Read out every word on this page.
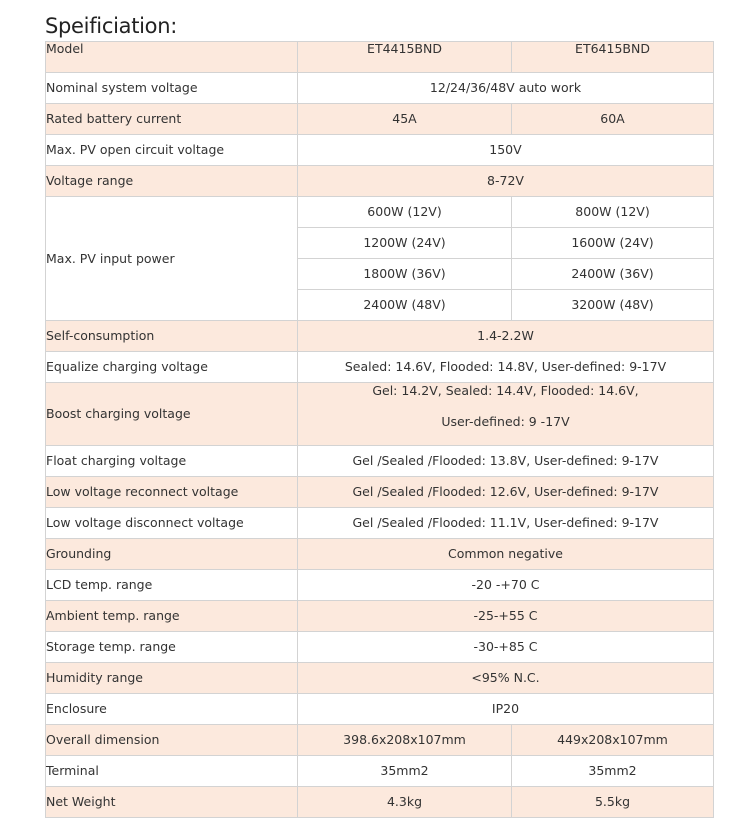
Speificiation:
Model	ET4415BND	ET6415BND
Nominal system voltage	12/24/36/48V auto work	
Rated battery current	45A	60A
Max. PV open circuit voltage	150V	
Voltage range	8-72V	
Max. PV input power	600W (12V)	800W (12V)
	1200W (24V)	1600W (24V)
	1800W (36V)	2400W (36V)
	2400W (48V)	3200W (48V)
Self-consumption	1.4-2.2W	
Equalize charging voltage	Sealed: 14.6V, Flooded: 14.8V, User-defined: 9-17V	
Boost charging voltage	Gel: 14.2V, Sealed: 14.4V, Flooded: 14.6V,
User-defined: 9 -17V	

Float charging voltage	Gel /Sealed /Flooded: 13.8V, User-defined: 9-17V	
Low voltage reconnect voltage	Gel /Sealed /Flooded: 12.6V, User-defined: 9-17V	
Low voltage disconnect voltage	Gel /Sealed /Flooded: 11.1V, User-defined: 9-17V	
Grounding	Common negative	
LCD temp. range	-20 -+70 C	
Ambient temp. range	-25-+55 C	
Storage temp. range	-30-+85 C	
Humidity range	<95% N.C.	
Enclosure	IP20	
Overall dimension	398.6x208x107mm	449x208x107mm
Terminal	35mm2	35mm2
Net Weight	4.3kg	5.5kg
